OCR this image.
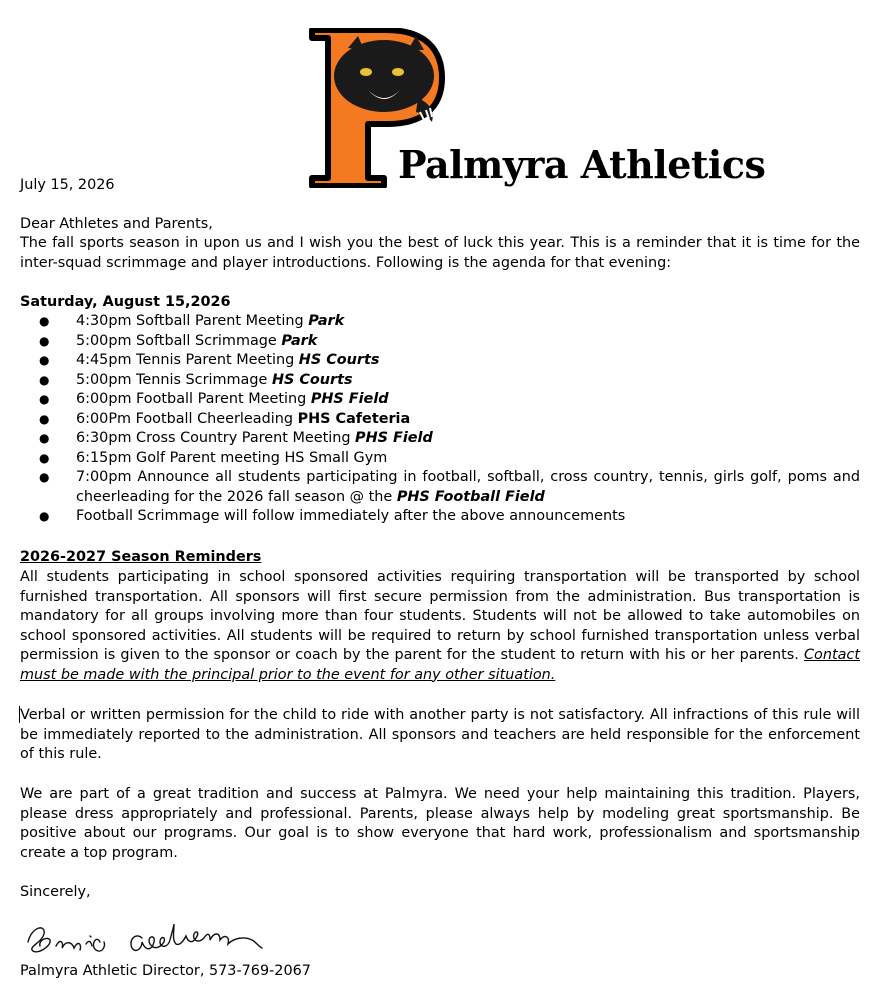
Palmyra Athletics
July 15, 2026
Dear Athletes and Parents,
The fall sports season in upon us and I wish you the best of luck this year. This is a reminder that it is time for the inter-squad scrimmage and player introductions. Following is the agenda for that evening:
Saturday, August 15,2026
● 4:30pm Softball Parent Meeting Park
● 5:00pm Softball Scrimmage Park
● 4:45pm Tennis Parent Meeting HS Courts
● 5:00pm Tennis Scrimmage HS Courts
● 6:00pm Football Parent Meeting PHS Field
● 6:00Pm Football Cheerleading PHS Cafeteria
● 6:30pm Cross Country Parent Meeting PHS Field
● 6:15pm Golf Parent meeting HS Small Gym
● 7:00pm Announce all students participating in football, softball, cross country, tennis, girls golf, poms and cheerleading for the 2026 fall season @ the PHS Football Field
● Football Scrimmage will follow immediately after the above announcements
2026-2027 Season Reminders
All students participating in school sponsored activities requiring transportation will be transported by school furnished transportation. All sponsors will first secure permission from the administration. Bus transportation is mandatory for all groups involving more than four students. Students will not be allowed to take automobiles on school sponsored activities. All students will be required to return by school furnished transportation unless verbal permission is given to the sponsor or coach by the parent for the student to return with his or her parents. Contact must be made with the principal prior to the event for any other situation.
Verbal or written permission for the child to ride with another party is not satisfactory. All infractions of this rule will be immediately reported to the administration. All sponsors and teachers are held responsible for the enforcement of this rule.
We are part of a great tradition and success at Palmyra. We need your help maintaining this tradition. Players, please dress appropriately and professional. Parents, please always help by modeling great sportsmanship. Be positive about our programs. Our goal is to show everyone that hard work, professionalism and sportsmanship create a top program.
Sincerely,
Palmyra Athletic Director, 573-769-2067
